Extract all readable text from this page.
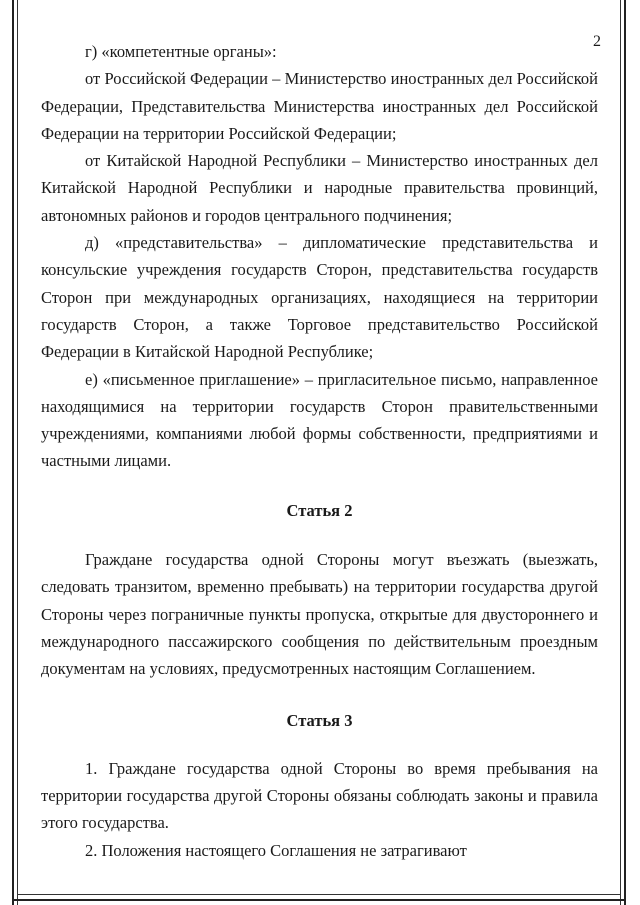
2

г) «компетентные органы»:

от Российской Федерации – Министерство иностранных дел Российской Федерации, Представительства Министерства иностранных дел Российской Федерации на территории Российской Федерации;

от Китайской Народной Республики – Министерство иностранных дел Китайской Народной Республики и народные правительства провинций, автономных районов и городов центрального подчинения;

д) «представительства» – дипломатические представительства и консульские учреждения государств Сторон, представительства государств Сторон при международных организациях, находящиеся на территории государств Сторон, а также Торговое представительство Российской Федерации в Китайской Народной Республике;

е) «письменное приглашение» – пригласительное письмо, направленное находящимися на территории государств Сторон правительственными учреждениями, компаниями любой формы собственности, предприятиями и частными лицами.

Статья 2

Граждане государства одной Стороны могут въезжать (выезжать, следовать транзитом, временно пребывать) на территории государства другой Стороны через пограничные пункты пропуска, открытые для двустороннего и международного пассажирского сообщения по действительным проездным документам на условиях, предусмотренных настоящим Соглашением.

Статья 3

1. Граждане государства одной Стороны во время пребывания на территории государства другой Стороны обязаны соблюдать законы и правила этого государства.

2. Положения настоящего Соглашения не затрагивают
